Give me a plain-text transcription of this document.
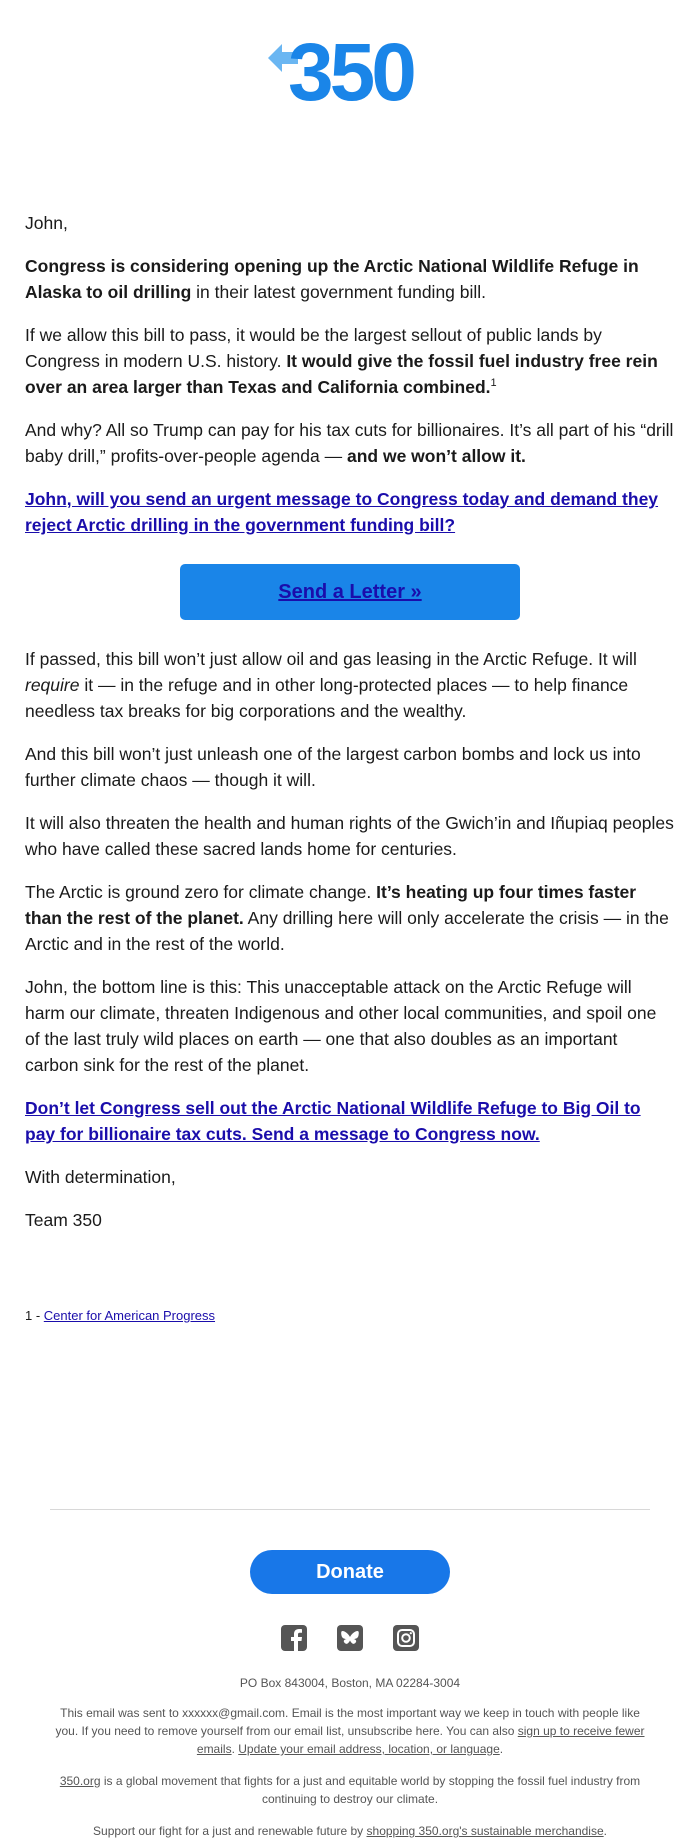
350

John,

Congress is considering opening up the Arctic National Wildlife Refuge in Alaska to oil drilling in their latest government funding bill.

If we allow this bill to pass, it would be the largest sellout of public lands by Congress in modern U.S. history. It would give the fossil fuel industry free rein over an area larger than Texas and California combined.$^1$

And why? All so Trump can pay for his tax cuts for billionaires. It’s all part of his “drill baby drill,” profits-over-people agenda — and we won’t allow it.

John, will you send an urgent message to Congress today and demand they reject Arctic drilling in the government funding bill?

Send a Letter »

If passed, this bill won’t just allow oil and gas leasing in the Arctic Refuge. It will require it — in the refuge and in other long-protected places — to help finance needless tax breaks for big corporations and the wealthy.

And this bill won’t just unleash one of the largest carbon bombs and lock us into further climate chaos — though it will.

It will also threaten the health and human rights of the Gwich’in and Iñupiaq peoples who have called these sacred lands home for centuries.

The Arctic is ground zero for climate change. It’s heating up four times faster than the rest of the planet. Any drilling here will only accelerate the crisis — in the Arctic and in the rest of the world.

John, the bottom line is this: This unacceptable attack on the Arctic Refuge will harm our climate, threaten Indigenous and other local communities, and spoil one of the last truly wild places on earth — one that also doubles as an important carbon sink for the rest of the planet.

Don’t let Congress sell out the Arctic National Wildlife Refuge to Big Oil to pay for billionaire tax cuts. Send a message to Congress now.

With determination,

Team 350

1 - Center for American Progress
Donate

PO Box 843004, Boston, MA 02284-3004
This email was sent to xxxxxx@gmail.com. Email is the most important way we keep in touch with people like you. If you need to remove yourself from our email list, unsubscribe here. You can also sign up to receive fewer emails. Update your email address, location, or language.
350.org is a global movement that fights for a just and equitable world by stopping the fossil fuel industry from continuing to destroy our climate.
Support our fight for a just and renewable future by shopping 350.org's sustainable merchandise.
